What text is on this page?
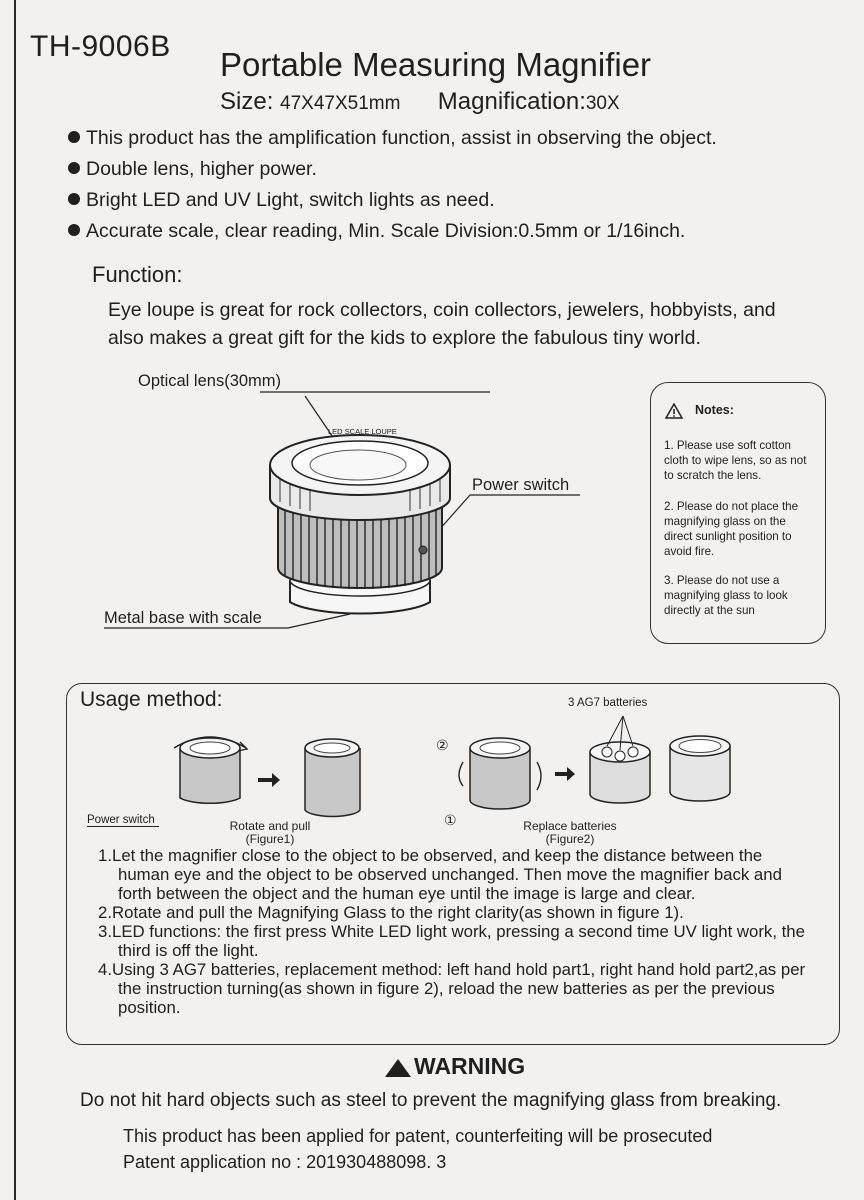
TH-9006B Portable Measuring Magnifier
Size: 47X47X51mm Magnification:30X
This product has the amplification function, assist in observing the object.
Double lens, higher power.
Bright LED and UV Light, switch lights as need.
Accurate scale, clear reading, Min. Scale Division:0.5mm or 1/16inch.
Function:
Eye loupe is great for rock collectors, coin collectors, jewelers, hobbyists, and also makes a great gift for the kids to explore the fabulous tiny world.
LED SCALE LOUPE
Optical lens(30mm)
Power switch
Metal base with scale
Notes:
1. Please use soft cotton cloth to wipe lens, so as not to scratch the lens.
2. Please do not place the magnifying glass on the direct sunlight position to avoid fire.
3. Please do not use a magnifying glass to look directly at the sun
Usage method:	3 AG7 batteries
Power switch	Rotate and pull
(Figure1)
Replace batteries
(Figure2)
②
①
1.Let the magnifier close to the object to be observed, and keep the distance between the human eye and the object to be observed unchanged. Then move the magnifier back and forth between the object and the human eye until the image is large and clear.
2.Rotate and pull the Magnifying Glass to the right clarity(as shown in figure 1).
3.LED functions: the first press White LED light work, pressing a second time UV light work, the third is off the light.
4.Using 3 AG7 batteries, replacement method: left hand hold part1, right hand hold part2,as per the instruction turning(as shown in figure 2), reload the new batteries as per the previous position.
WARNING
Do not hit hard objects such as steel to prevent the magnifying glass from breaking.
This product has been applied for patent, counterfeiting will be prosecuted
Patent application no : 201930488098. 3
